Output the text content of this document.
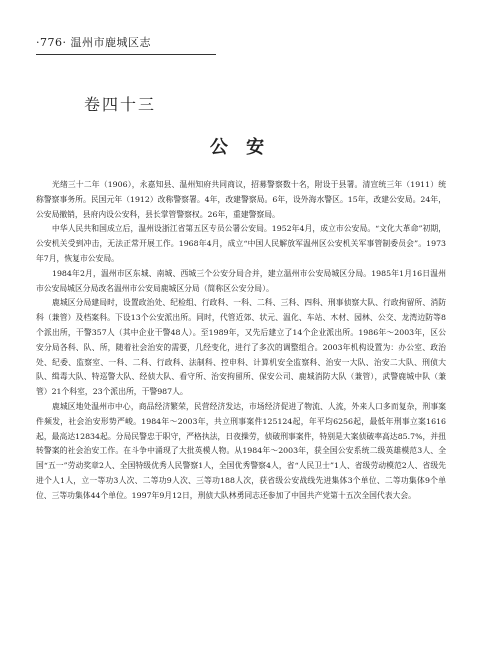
·776· 温州市鹿城区志
卷四十三
公 安

光绪三十二年（1906），永嘉知县、温州知府共同商议，招募警察数十名，附设于县署。清宣统三年（1911）统称警察事务所。民国元年（1912）改称警察署。4年，改建警察局。6年，设外海水警区。15年，改建公安局。24年，公安局撤销，县府内设公安科，县长掌管警察权。26年，重建警察局。

中华人民共和国成立后，温州设浙江省第五区专员公署公安局。1952年4月，成立市公安局。“文化大革命”初期，公安机关受到冲击，无法正常开展工作。1968年4月，成立“中国人民解放军温州区公安机关军事管制委员会”。1973年7月，恢复市公安局。

1984年2月，温州市区东城、南城、西城三个公安分局合并，建立温州市公安局城区分局。1985年1月16日温州市公安局城区分局改名温州市公安局鹿城区分局（简称区公安分局）。

鹿城区分局建局时，设置政治处、纪检组、行政科、一科、二科、三科、四科、刑事侦察大队、行政拘留所、消防科（兼管）及档案科。下设13个公安派出所。同时，代管近郊、状元、温化、车站、木材、园林、公交、龙湾边防等8个派出所，干警357人（其中企业干警48人）。至1989年，又先后建立了14个企业派出所。1986年～2003年，区公安分局各科、队、所，随着社会治安的需要，几经变化，进行了多次的调整组合。2003年机构设置为：办公室、政治处、纪委、监察室、一科、二科、行政科、法制科、控申科、计算机安全监察科、治安一大队、治安二大队、刑侦大队、缉毒大队、特巡警大队、经侦大队、看守所、治安拘留所、保安公司、鹿城消防大队（兼管），武警鹿城中队（兼管）21个科室，23个派出所，干警987人。

鹿城区地处温州市中心，商品经济繁荣，民营经济发达，市场经济促进了物流、人流，外来人口多而复杂，刑事案件频发，社会治安形势严峻。1984年～2003年，共立刑事案件125124起，年平均6256起，最低年刑事立案1616起，最高达12834起。分局民警忠于职守，严格执法，日夜操劳，侦破刑事案件，特别是大案侦破率高达85.7%，并扭转警案的社会治安工作。在斗争中涌现了大批英模人物。从1984年～2003年，获全国公安系统二级英雄模范3人、全国“五一”劳动奖章2人、全国特级优秀人民警察1人，全国优秀警察4人，省“人民卫士”1人、省级劳动模范2人、省级先进个人1人，立一等功3人次、二等功9人次、三等功188人次，获省级公安战线先进集体3个单位、二等功集体9个单位、三等功集体44个单位。1997年9月12日，刑侦大队林勇同志还参加了中国共产党第十五次全国代表大会。
